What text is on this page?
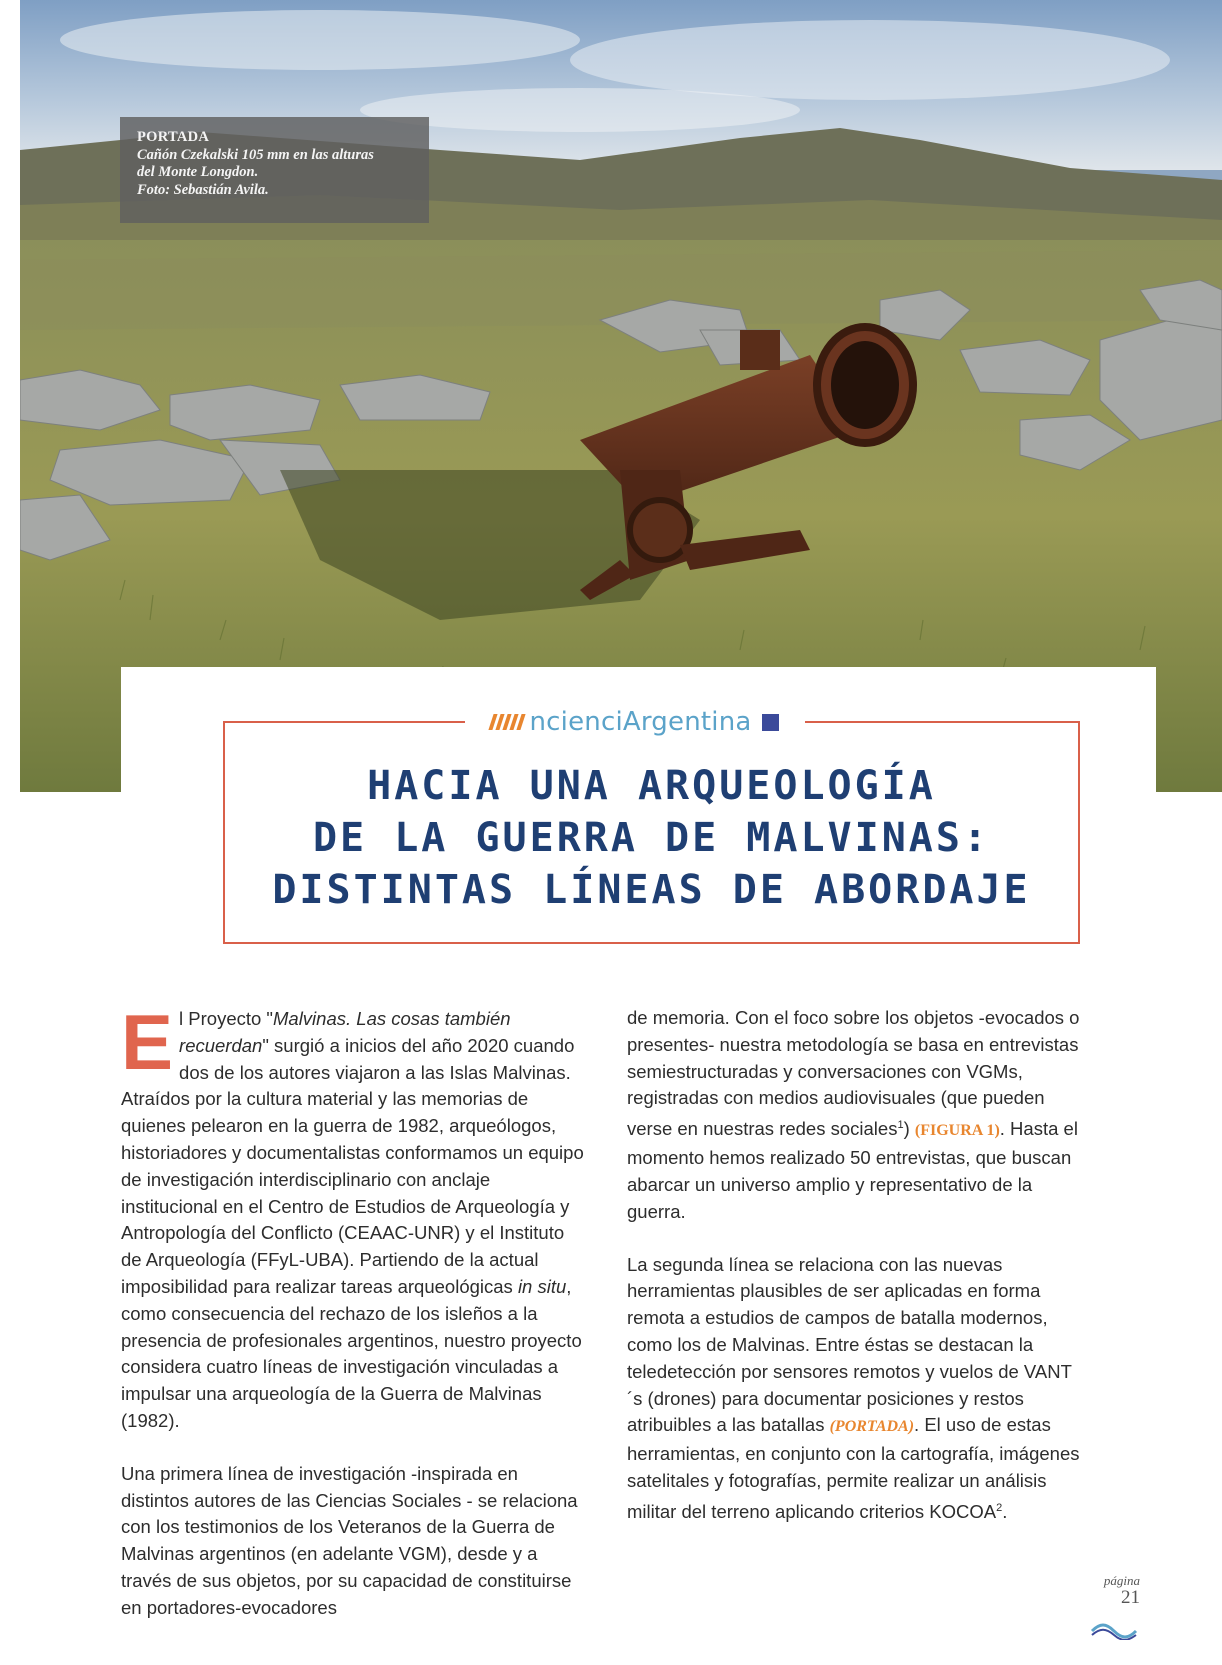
PORTADA
Cañón Czekalski 105 mm en las alturas
del Monte Longdon.
Foto: Sebastián Avila.
ncienciArgentina
HACIA UNA ARQUEOLOGÍA
DE LA GUERRA DE MALVINAS:
DISTINTAS LÍNEAS DE ABORDAJE

El Proyecto "Malvinas. Las cosas también recuerdan" surgió a inicios del año 2020 cuando dos de los autores viajaron a las Islas Malvinas. Atraídos por la cultura material y las memorias de quienes pelearon en la guerra de 1982, arqueólogos, historiadores y documentalistas conformamos un equipo de investigación interdisciplinario con anclaje institucional en el Centro de Estudios de Arqueología y Antropología del Conflicto (CEAAC-UNR) y el Instituto de Arqueología (FFyL-UBA). Partiendo de la actual imposibilidad para realizar tareas arqueológicas in situ, como consecuencia del rechazo de los isleños a la presencia de profesionales argentinos, nuestro proyecto considera cuatro líneas de investigación vinculadas a impulsar una arqueología de la Guerra de Malvinas (1982).

Una primera línea de investigación -inspirada en distintos autores de las Ciencias Sociales - se relaciona con los testimonios de los Veteranos de la Guerra de Malvinas argentinos (en adelante VGM), desde y a través de sus objetos, por su capacidad de constituirse en portadores-evocadores

de memoria. Con el foco sobre los objetos -evocados o presentes- nuestra metodología se basa en entrevistas semiestructuradas y conversaciones con VGMs, registradas con medios audiovisuales (que pueden verse en nuestras redes sociales$^1$) (FIGURA 1). Hasta el momento hemos realizado 50 entrevistas, que buscan abarcar un universo amplio y representativo de la guerra.

La segunda línea se relaciona con las nuevas herramientas plausibles de ser aplicadas en forma remota a estudios de campos de batalla modernos, como los de Malvinas. Entre éstas se destacan la teledetección por sensores remotos y vuelos de VANT´s (drones) para documentar posiciones y restos atribuibles a las batallas (PORTADA). El uso de estas herramientas, en conjunto con la cartografía, imágenes satelitales y fotografías, permite realizar un análisis militar del terreno aplicando criterios KOCOA$^2$.

página
21
